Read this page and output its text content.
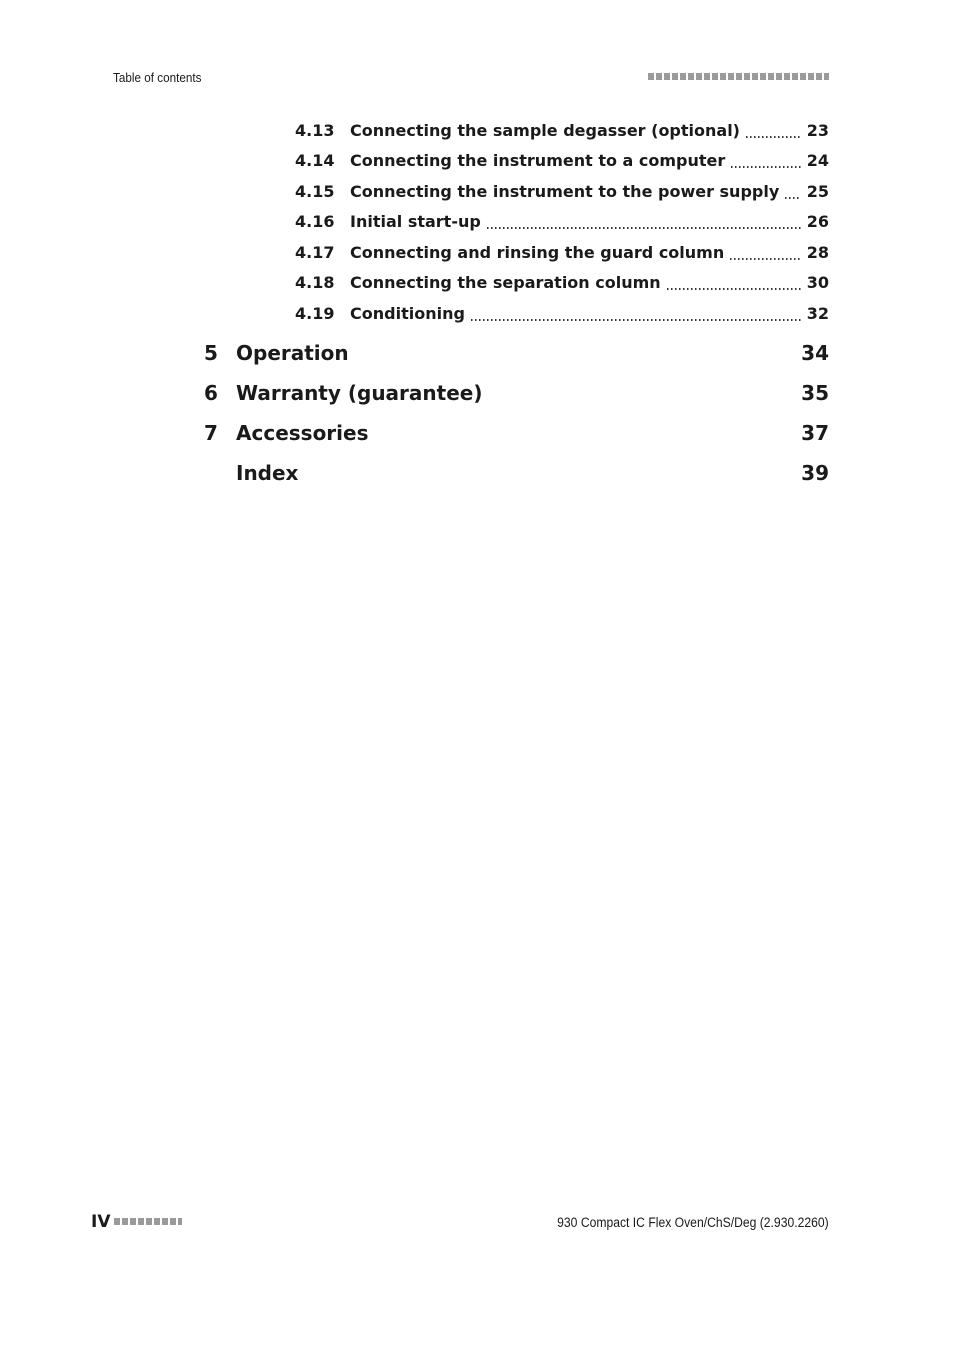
Table of contents
4.13 Connecting the sample degasser (optional)	23
4.14 Connecting the instrument to a computer	24
4.15 Connecting the instrument to the power supply 25
4.16 Initial start-up	26
4.17 Connecting and rinsing the guard column	28
4.18 Connecting the separation column	30
4.19 Conditioning	32
5 Operation	34
6 Warranty (guarantee)	35
7 Accessories	37
Index	39
IV	930 Compact IC Flex Oven/ChS/Deg (2.930.2260)
